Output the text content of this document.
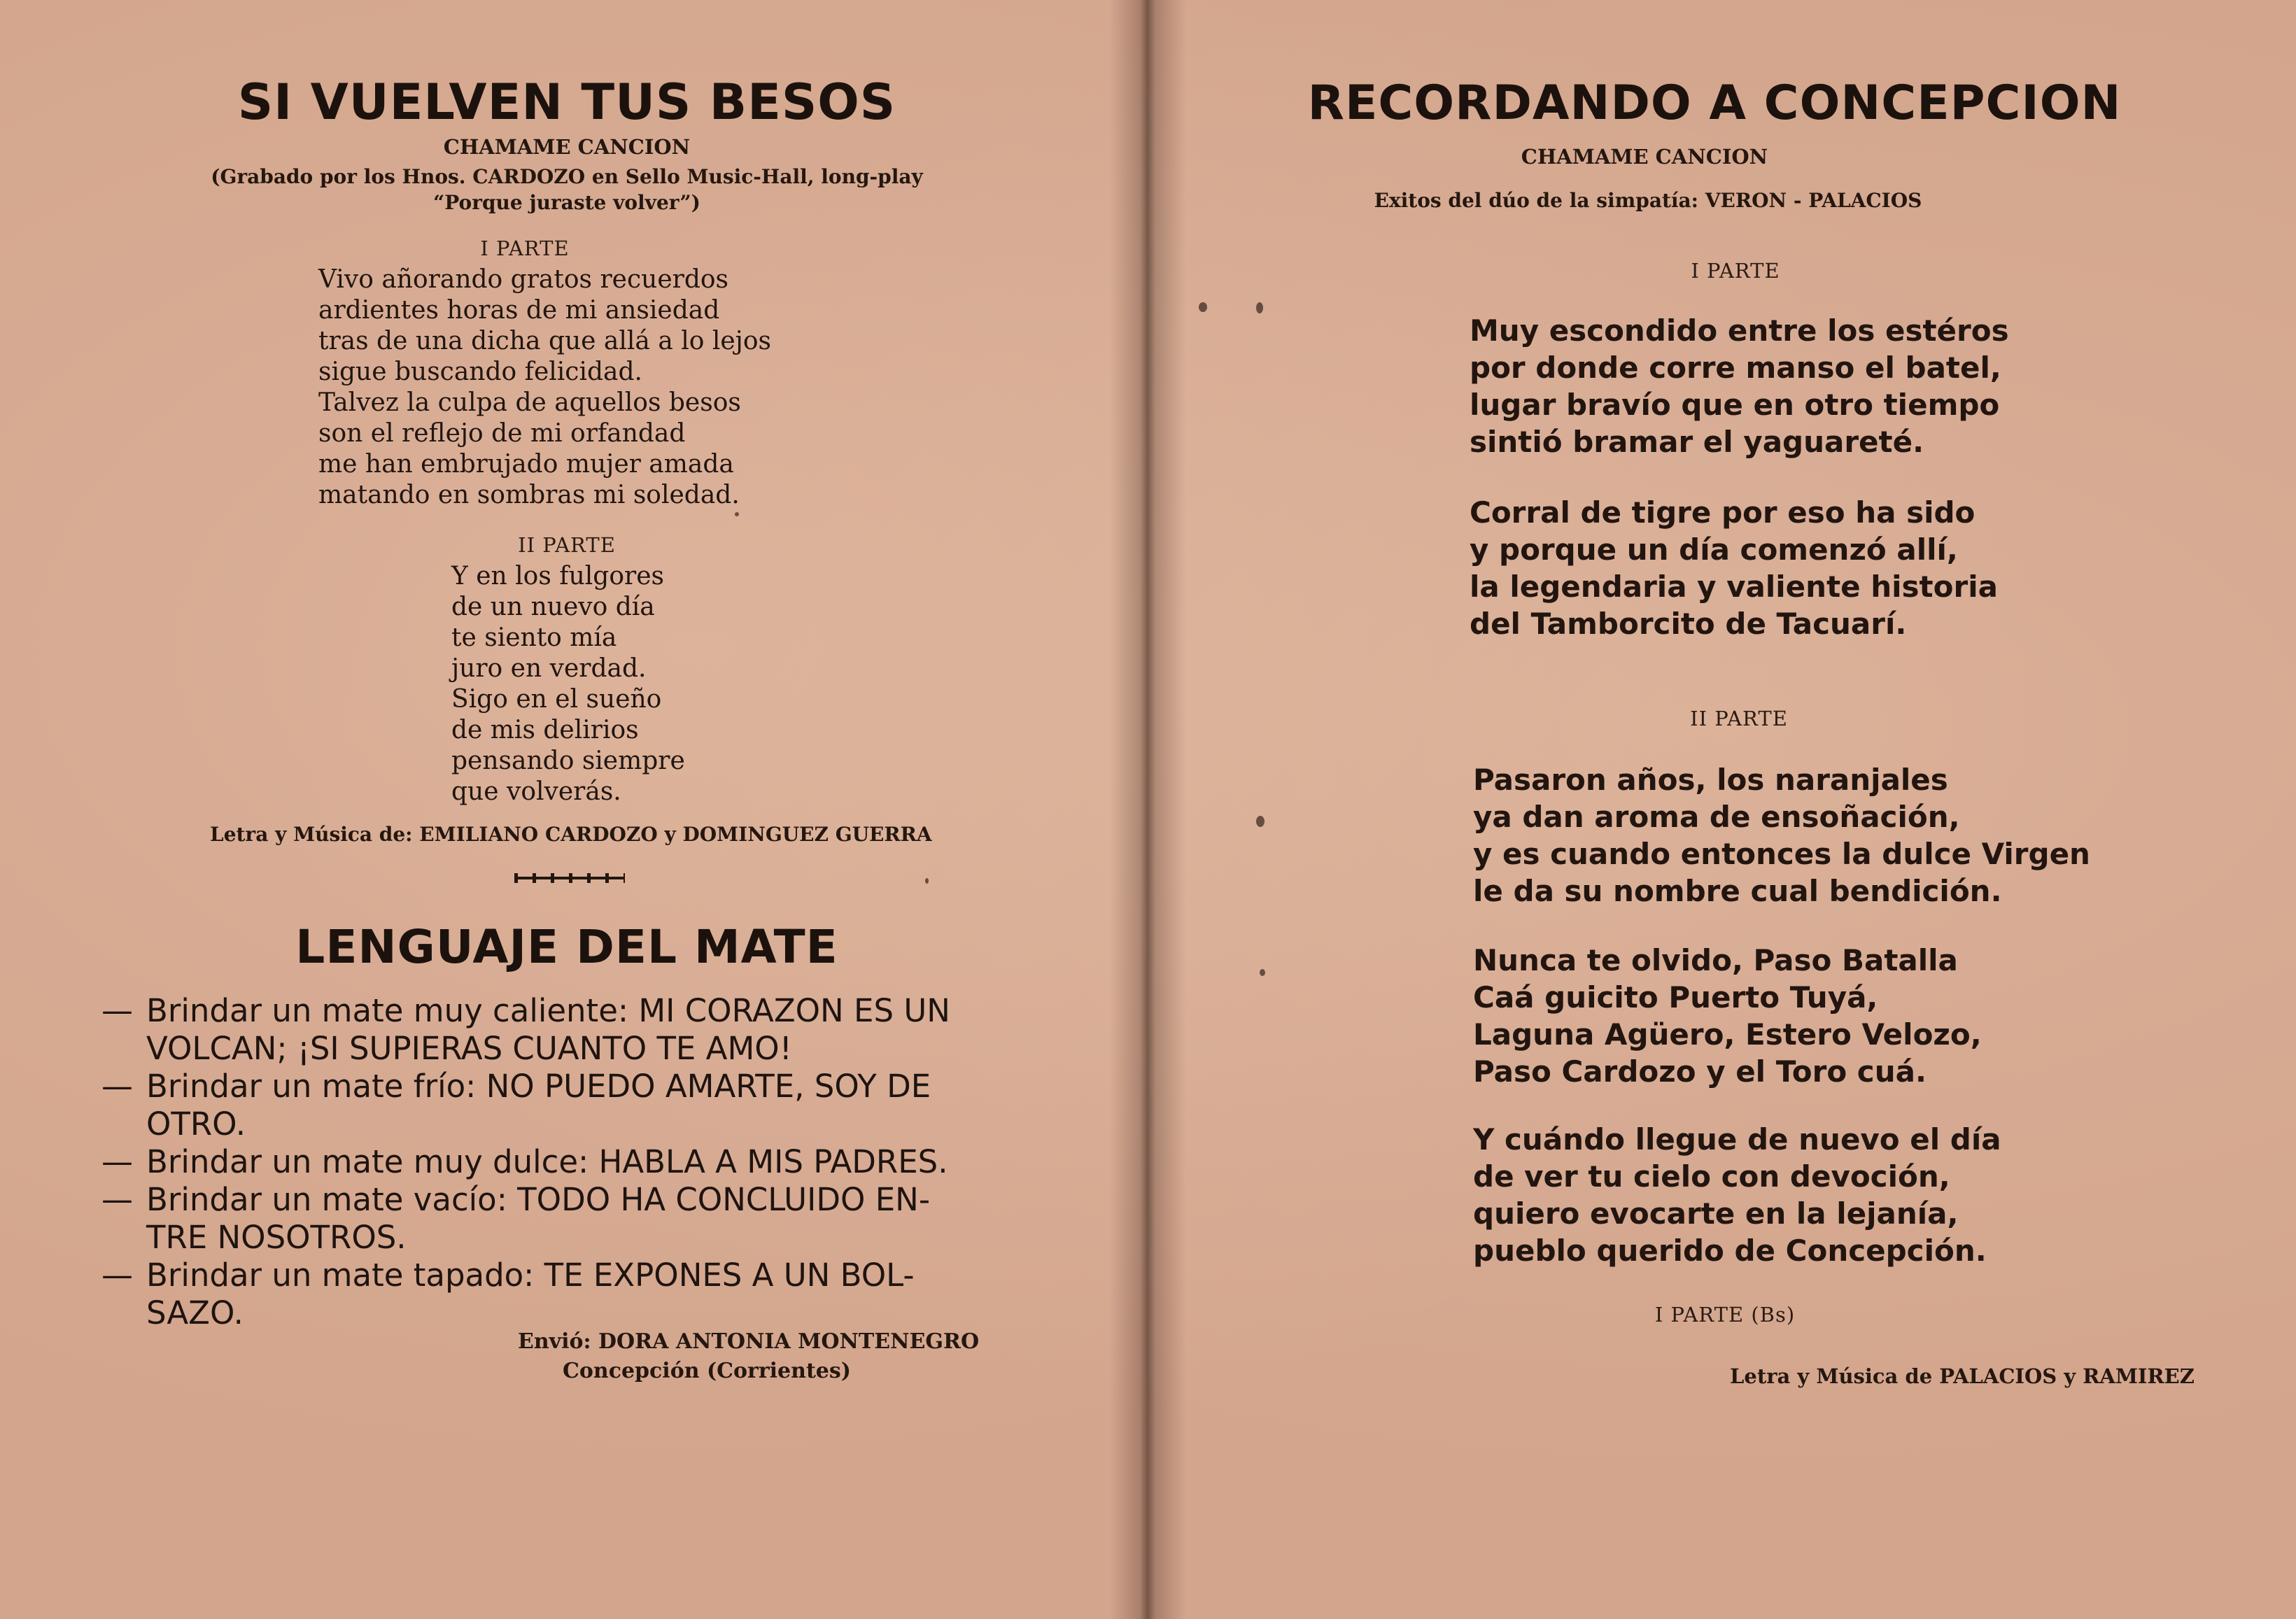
SI VUELVEN TUS BESOS
CHAMAME CANCION
(Grabado por los Hnos. CARDOZO en Sello Music-Hall, long-play
“Porque juraste volver”)
I PARTE
Vivo añorando gratos recuerdos
ardientes horas de mi ansiedad
tras de una dicha que allá a lo lejos
sigue buscando felicidad.
Talvez la culpa de aquellos besos
son el reflejo de mi orfandad
me han embrujado mujer amada
matando en sombras mi soledad.
II PARTE
Y en los fulgores
de un nuevo día
te siento mía
juro en verdad.
Sigo en el sueño
de mis delirios
pensando siempre
que volverás.
Letra y Música de: EMILIANO CARDOZO y DOMINGUEZ GUERRA
LENGUAJE DEL MATE
— Brindar un mate muy caliente: MI CORAZON ES UN
VOLCAN; ¡SI SUPIERAS CUANTO TE AMO!
— Brindar un mate frío: NO PUEDO AMARTE, SOY DE
OTRO.
— Brindar un mate muy dulce: HABLA A MIS PADRES.
— Brindar un mate vacío: TODO HA CONCLUIDO EN-
TRE NOSOTROS.
— Brindar un mate tapado: TE EXPONES A UN BOL-
SAZO.
Envió: DORA ANTONIA MONTENEGRO
Concepción (Corrientes)
RECORDANDO A CONCEPCION
CHAMAME CANCION
Exitos del dúo de la simpatía: VERON - PALACIOS
I PARTE
Muy escondido entre los estéros
por donde corre manso el batel,
lugar bravío que en otro tiempo
sintió bramar el yaguareté.
Corral de tigre por eso ha sido
y porque un día comenzó allí,
la legendaria y valiente historia
del Tamborcito de Tacuarí.
II PARTE
Pasaron años, los naranjales
ya dan aroma de ensoñación,
y es cuando entonces la dulce Virgen
le da su nombre cual bendición.
Nunca te olvido, Paso Batalla
Caá guicito Puerto Tuyá,
Laguna Agüero, Estero Velozo,
Paso Cardozo y el Toro cuá.
Y cuándo llegue de nuevo el día
de ver tu cielo con devoción,
quiero evocarte en la lejanía,
pueblo querido de Concepción.
I PARTE (Bs)
Letra y Música de PALACIOS y RAMIREZ
